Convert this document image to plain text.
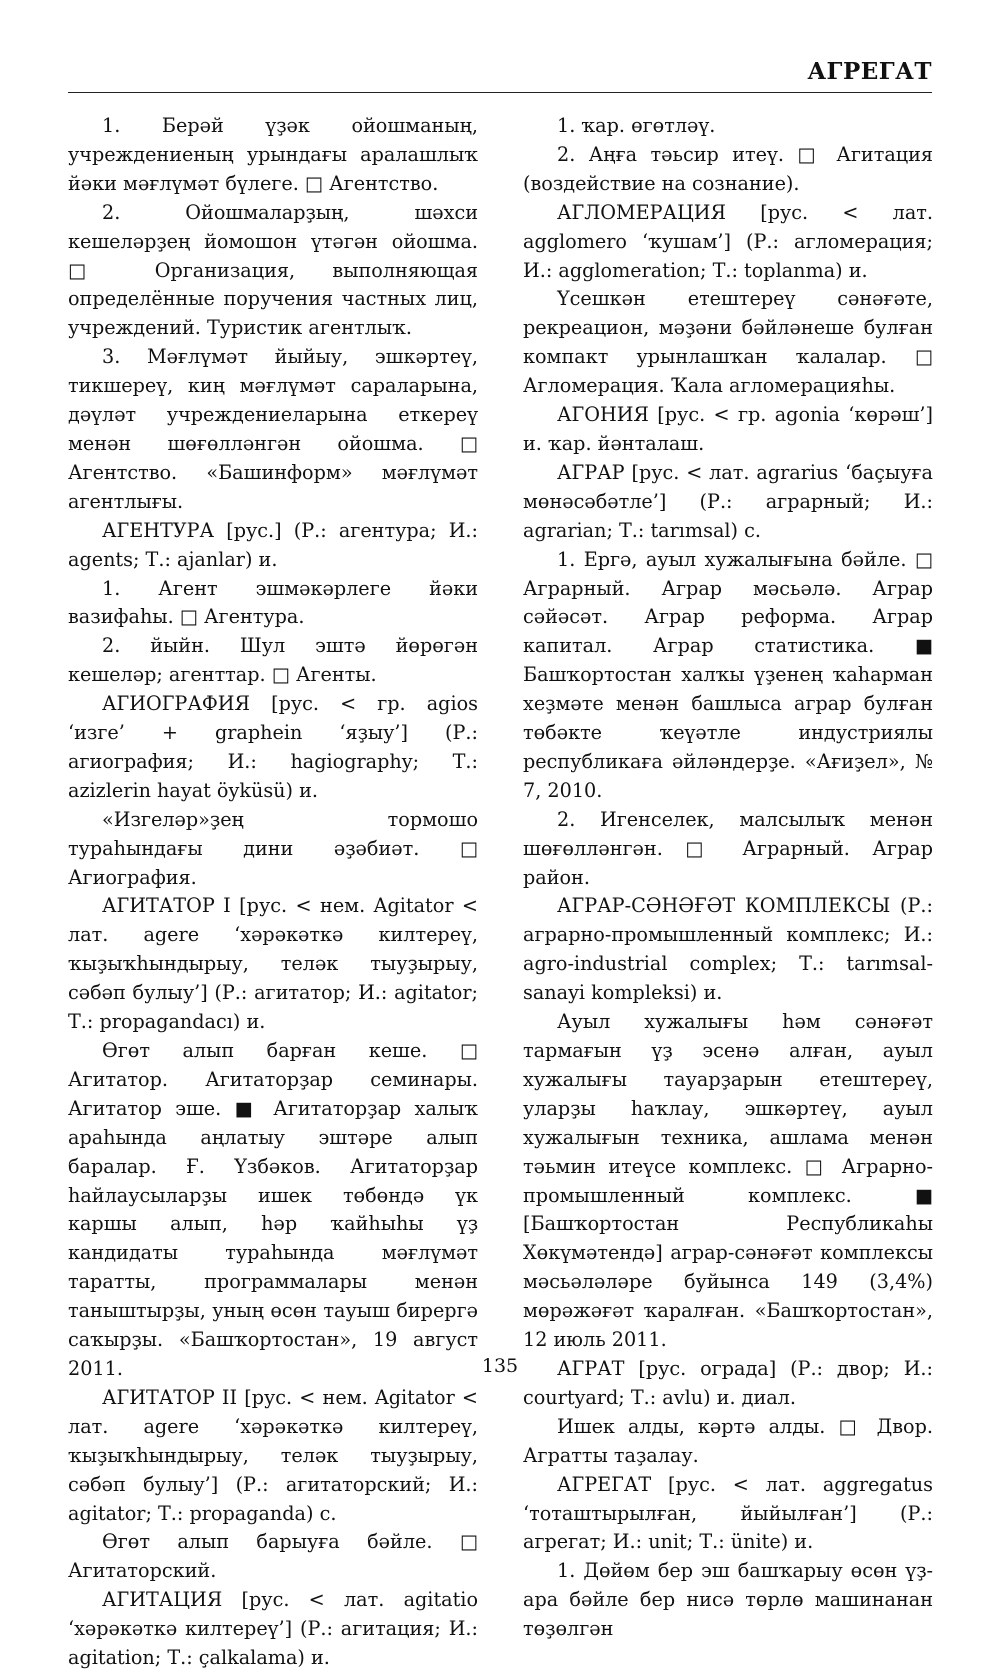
АГРЕГАТ

1. Берәй үҙәк ойошманың, учреждениеның урындағы аралашлыҡ йәки мәғлүмәт бүлеге. □ Агентство.

2. Ойошмаларҙың, шәхси кешеләрҙең йомошон үтәгән ойошма. □ Организация, выполняющая определённые поручения частных лиц, учреждений. Туристик агентлыҡ.

3. Мәғлүмәт йыйыу, эшкәртеү, тикшереү, киң мәғлүмәт сараларына, дәүләт учреждениеларына еткереү менән шөғөлләнгән ойошма. □ Агентство. «Башинформ» мәғлүмәт агентлығы.

АГЕНТУРА [рус.] (Р.: агентура; И.: agents; Т.: ajanlar) и.

1. Агент эшмәкәрлеге йәки вазифаһы. □ Агентура.

2. йыйн. Шул эштә йөрөгән кешеләр; агенттар. □ Агенты.

АГИОГРАФИЯ [рус. < гр. agios ‘изге’ + graphein ‘яҙыу’] (Р.: агиография; И.: hagiography; Т.: azizlerin hayat öyküsü) и.

«Изгеләр»ҙең тормошо тураһындағы дини әҙәбиәт. □ Агиография.

АГИТАТОР I [рус. < нем. Agitator < лат. agere ‘хәрәкәткә килтереү, ҡыҙыҡһындырыу, теләк тыуҙырыу, сәбәп булыу’] (Р.: агитатор; И.: agitator; Т.: propagandacı) и.

Өгөт алып барған кеше. □ Агитатор. Агитаторҙар семинары. Агитатор эше. ■ Агитаторҙар халыҡ араһында аңлатыу эштәре алып баралар. Ғ. Үзбәков. Агитаторҙар һайлаусыларҙы ишек төбөндә үк каршы алып, һәр ҡайһыһы үҙ кандидаты тураһында мәғлүмәт таратты, программалары менән таныштырҙы, уның өсөн тауыш бирергә саҡырҙы. «Башҡортостан», 19 август 2011.

АГИТАТОР II [рус. < нем. Agitator < лат. agere ‘хәрәкәткә килтереү, ҡыҙыҡһындырыу, теләк тыуҙырыу, сәбәп булыу’] (Р.: агитаторский; И.: agitator; Т.: propaganda) с.

Өгөт алып барыуға бәйле. □ Агитаторский.

АГИТАЦИЯ [рус. < лат. agitatio ‘хәрәкәткә килтереү’] (Р.: агитация; И.: agitation; Т.: çalkalama) и.

1. ҡар. өгөтләү.

2. Аңға тәьсир итеү. □ Агитация (воздействие на сознание).

АГЛОМЕРАЦИЯ [рус. < лат. agglomero ‘ҡушам’] (Р.: агломерация; И.: agglomeration; Т.: toplanma) и.

Үсешкән етештереү сәнәғәте, рекреацион, мәҙәни бәйләнеше булған компакт урынлашҡан ҡалалар. □ Агломерация. Ҡала агломерацияһы.

АГОНИЯ [рус. < гр. agonia ‘көрәш’] и. ҡар. йәнталаш.

АГРАР [рус. < лат. agrarius ‘баҫыуға мөнәсәбәтле’] (Р.: аграрный; И.: agrarian; Т.: tarımsal) с.

1. Ергә, ауыл хужалығына бәйле. □ Аграрный. Аграр мәсьәлә. Аграр сәйәсәт. Аграр реформа. Аграр капитал. Аграр статистика. ■ Башҡортостан халҡы үҙенең ҡаһарман хеҙмәте менән башлыса аграр булған төбәкте ҡеүәтле индустриялы республикаға әйләндерҙе. «Ағиҙел», № 7, 2010.

2. Игенселек, малсылыҡ менән шөғөлләнгән. □ Аграрный. Аграр район.

АГРАР-СӘНӘҒӘТ КОМПЛЕКСЫ (Р.: аграрно-промышленный комплекс; И.: agro-industrial complex; Т.: tarımsal-sanayi kompleksi) и.

Ауыл хужалығы һәм сәнәғәт тармағын үҙ эсенә алған, ауыл хужалығы тауарҙарын етештереү, уларҙы һаҡлау, эшкәртеү, ауыл хужалығын техника, ашлама менән тәьмин итеүсе комплекс. □ Аграрно-промышленный комплекс. ■ [Башҡортостан Республикаһы Хөкүмәтендә] аграр-сәнәғәт комплексы мәсьәләләре буйынса 149 (3,4%) мөрәжәғәт ҡаралған. «Башҡортостан», 12 июль 2011.

АГРАТ [рус. ограда] (Р.: двор; И.: courtyard; Т.: avlu) и. диал.

Ишек алды, кәртә алды. □ Двор. Агратты таҙалау.

АГРЕГАТ [рус. < лат. aggregatus ‘тоташтырылған, йыйылған’] (Р.: агрегат; И.: unit; Т.: ünite) и.

1. Дөйөм бер эш башҡарыу өсөн үҙ-ара бәйле бер нисә төрлө машинанан төҙөлгән

135
